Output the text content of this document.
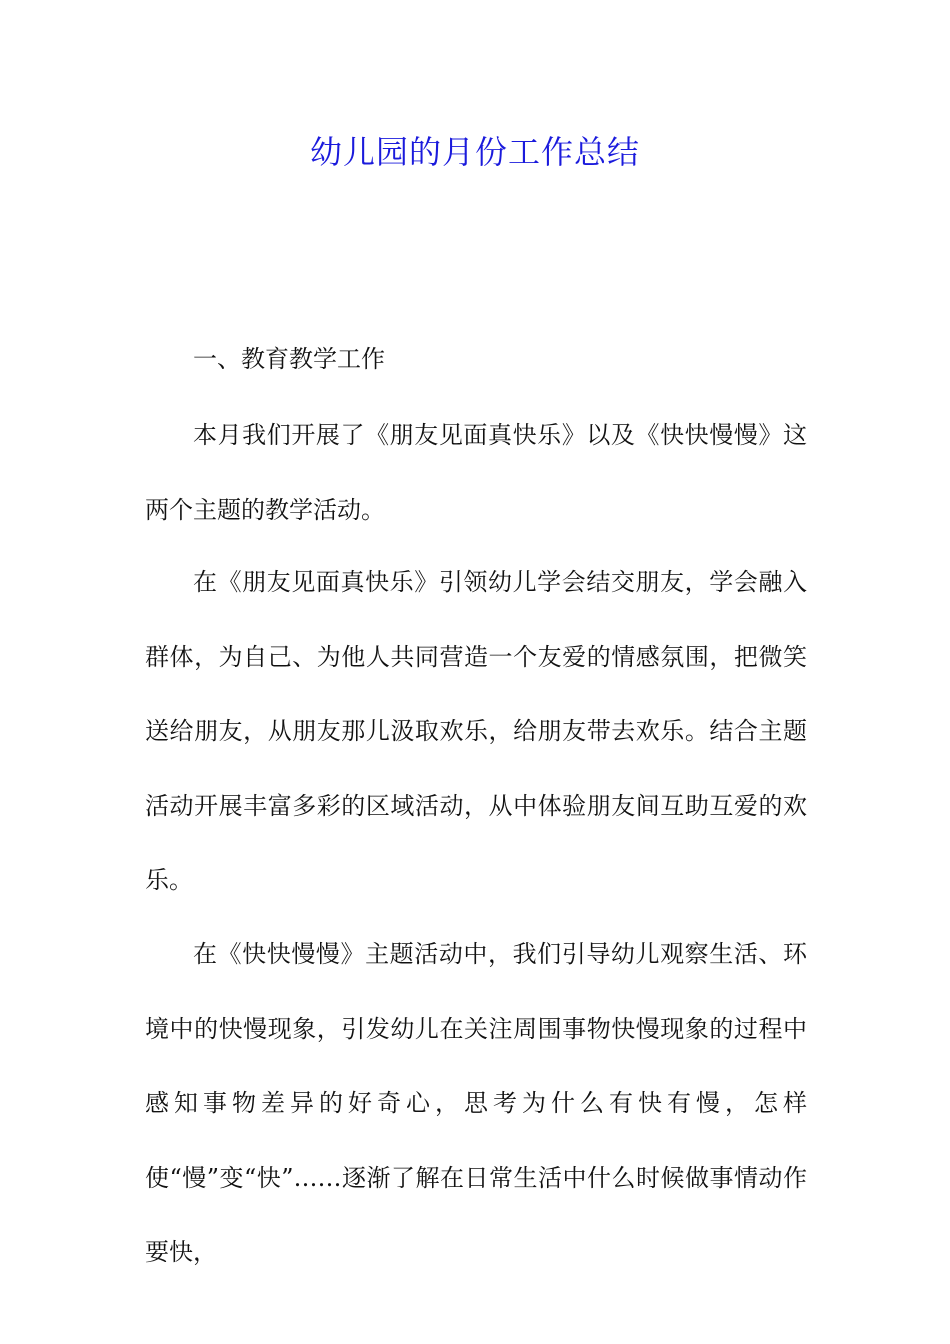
幼儿园的月份工作总结
一、教育教学工作

本月我们开展了《朋友见面真快乐》以及《快快慢慢》这两个主题的教学活动。

在《朋友见面真快乐》引领幼儿学会结交朋友，学会融入群体，为自己、为他人共同营造一个友爱的情感氛围，把微笑送给朋友，从朋友那儿汲取欢乐，给朋友带去欢乐。结合主题活动开展丰富多彩的区域活动，从中体验朋友间互助互爱的欢乐。

在《快快慢慢》主题活动中，我们引导幼儿观察生活、环境中的快慢现象，引发幼儿在关注周围事物快慢现象的过程中感知事物差异的好奇心，思考为什么有快有慢，怎样使“慢”变“快”……逐渐了解在日常生活中什么时候做事情动作要快，
